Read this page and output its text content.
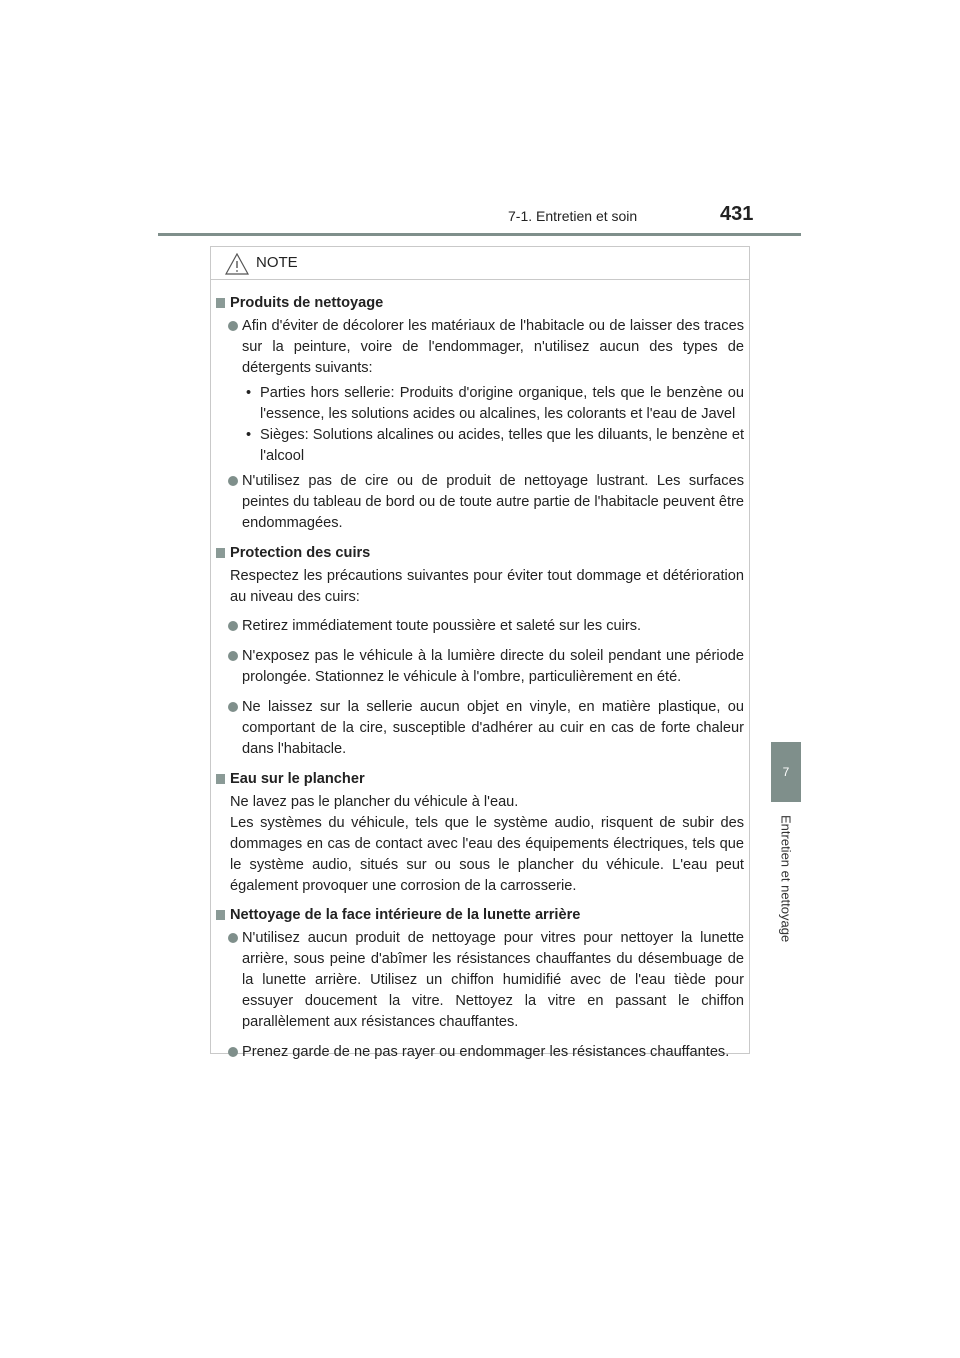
7-1. Entretien et soin	431
7
Entretien et nettoyage
NOTE
Produits de nettoyage
Afin d'éviter de décolorer les matériaux de l'habitacle ou de laisser des traces sur la peinture, voire de l'endommager, n'utilisez aucun des types de détergents suivants:
• Parties hors sellerie: Produits d'origine organique, tels que le benzène ou l'essence, les solutions acides ou alcalines, les colorants et l'eau de Javel
• Sièges: Solutions alcalines ou acides, telles que les diluants, le benzène et l'alcool
N'utilisez pas de cire ou de produit de nettoyage lustrant. Les surfaces peintes du tableau de bord ou de toute autre partie de l'habitacle peuvent être endommagées.
Protection des cuirs
Respectez les précautions suivantes pour éviter tout dommage et détérioration au niveau des cuirs:
Retirez immédiatement toute poussière et saleté sur les cuirs.
N'exposez pas le véhicule à la lumière directe du soleil pendant une période prolongée. Stationnez le véhicule à l'ombre, particulièrement en été.
Ne laissez sur la sellerie aucun objet en vinyle, en matière plastique, ou comportant de la cire, susceptible d'adhérer au cuir en cas de forte chaleur dans l'habitacle.
Eau sur le plancher
Ne lavez pas le plancher du véhicule à l'eau.
Les systèmes du véhicule, tels que le système audio, risquent de subir des dommages en cas de contact avec l'eau des équipements électriques, tels que le système audio, situés sur ou sous le plancher du véhicule. L'eau peut également provoquer une corrosion de la carrosserie.
Nettoyage de la face intérieure de la lunette arrière
N'utilisez aucun produit de nettoyage pour vitres pour nettoyer la lunette arrière, sous peine d'abîmer les résistances chauffantes du désembuage de la lunette arrière. Utilisez un chiffon humidifié avec de l'eau tiède pour essuyer doucement la vitre. Nettoyez la vitre en passant le chiffon parallèlement aux résistances chauffantes.
Prenez garde de ne pas rayer ou endommager les résistances chauffantes.
